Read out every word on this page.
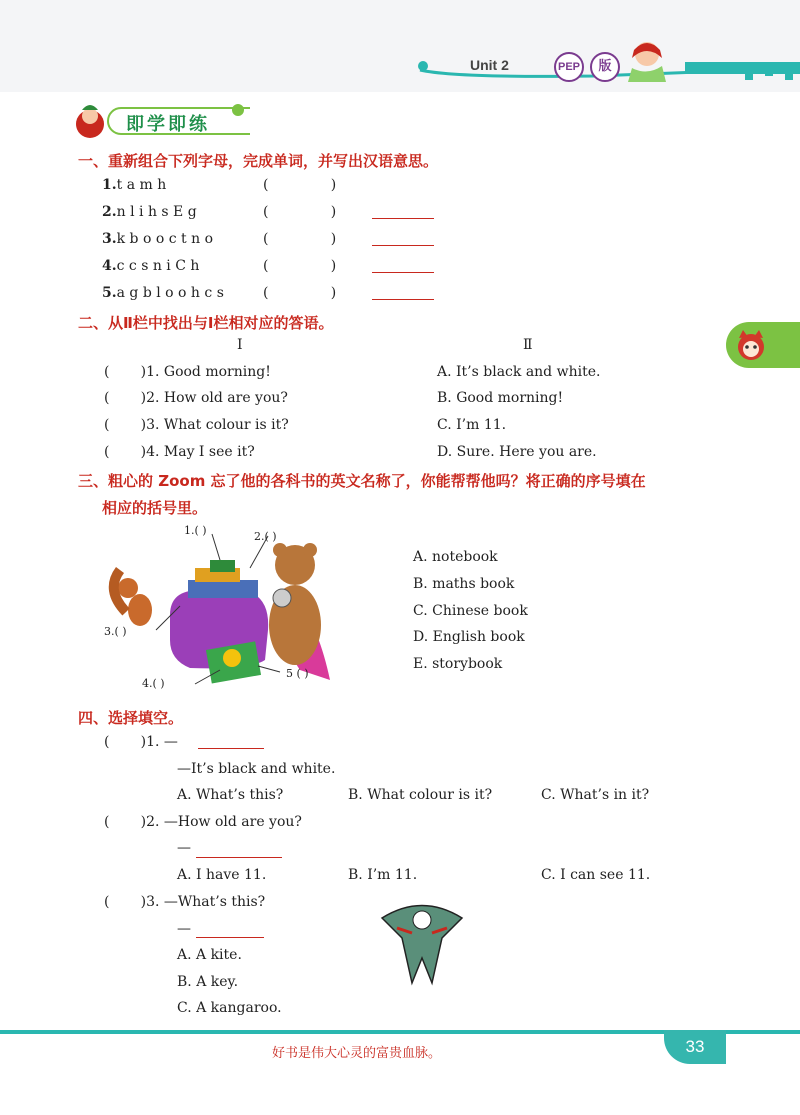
Unit 2	PEP	版
即学即练
一、重新组合下列字母，完成单词，并写出汉语意思。
1.t a m h	(              )
2.n l i h s E g	(              )
3.k b o o c t n o	(              )
4.c c s n i C h	(              )
5.a g b l o o h c s	(              )
二、从Ⅱ栏中找出与Ⅰ栏相对应的答语。
Ⅰ	Ⅱ
(       )1. Good morning!	A. It’s black and white.
(       )2. How old are you?	B. Good morning!
(       )3. What colour is it?	C. I’m 11.
(       )4. May I see it?	D. Sure. Here you are.
三、粗心的 Zoom 忘了他的各科书的英文名称了，你能帮帮他吗？将正确的序号填在
相应的括号里。
1.( )	2.( )
3.( )
4.( )
5 ( )
A. notebook
B. maths book
C. Chinese book
D. English book
E. storybook
四、选择填空。
(       )1. —
—It’s black and white.
A. What’s this?	B. What colour is it?	C. What’s in it?
(       )2. —How old are you?
—
A. I have 11.	B. I’m 11.	C. I can see 11.
(       )3. —What’s this?
—
A. A kite.
B. A key.
C. A kangaroo.
好书是伟大心灵的富贵血脉。	33
